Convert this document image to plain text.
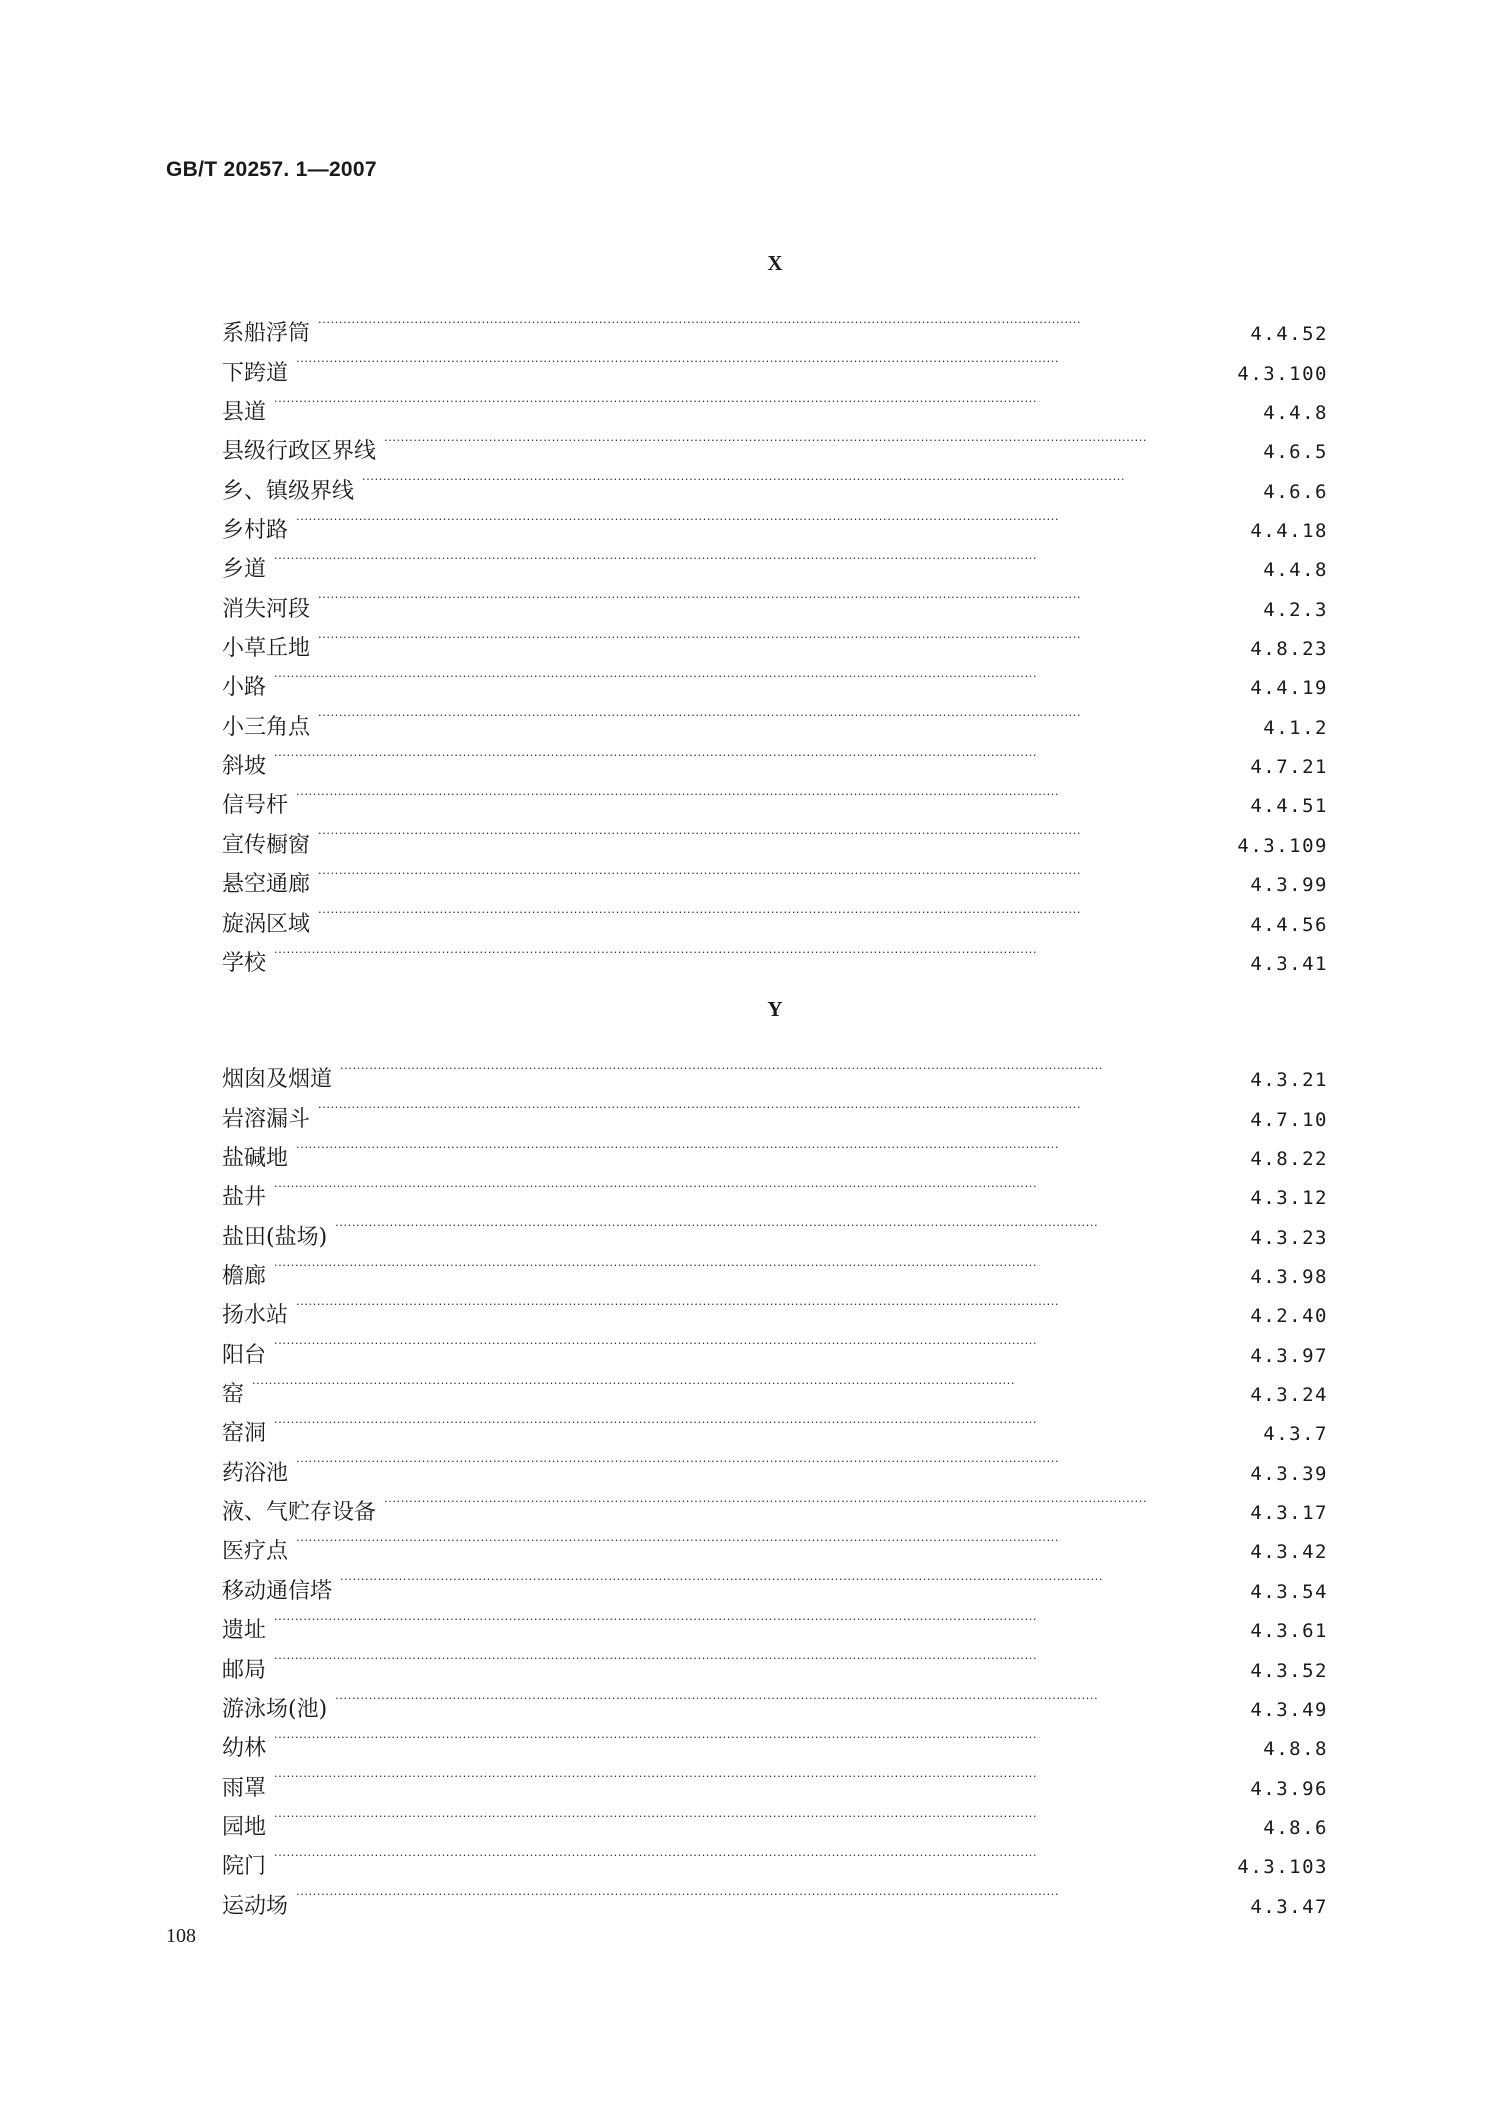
GB/T 20257. 1—2007
X
系船浮筒 · · ·	4.4.52
下跨道 · · ·	4.3.100
县道 · · ·	4.4.8
县级行政区界线 · · ·	4.6.5
乡、镇级界线 · · ·	4.6.6
乡村路 · · ·	4.4.18
乡道 · · ·	4.4.8
消失河段 · · ·	4.2.3
小草丘地 · · ·	4.8.23
小路 · · ·	4.4.19
小三角点 · · ·	4.1.2
斜坡 · · ·	4.7.21
信号杆 · · ·	4.4.51
宣传橱窗 · · ·	4.3.109
悬空通廊 · · ·	4.3.99
旋涡区域 · · ·	4.4.56
学校 · · ·	4.3.41
Y
烟囱及烟道 · · ·	4.3.21
岩溶漏斗 · · ·	4.7.10
盐碱地 · · ·	4.8.22
盐井 · · ·	4.3.12
盐田(盐场) · · ·	4.3.23
檐廊 · · ·	4.3.98
扬水站 · · ·	4.2.40
阳台 · · ·	4.3.97
窑 · · ·	4.3.24
窑洞 · · ·	4.3.7
药浴池 · · ·	4.3.39
液、气贮存设备 · · ·	4.3.17
医疗点 · · ·	4.3.42
移动通信塔 · · ·	4.3.54
遗址 · · ·	4.3.61
邮局 · · ·	4.3.52
游泳场(池) · · ·	4.3.49
幼林 · · ·	4.8.8
雨罩 · · ·	4.3.96
园地 · · ·	4.8.6
院门 · · ·	4.3.103
运动场 · · ·	4.3.47
108
